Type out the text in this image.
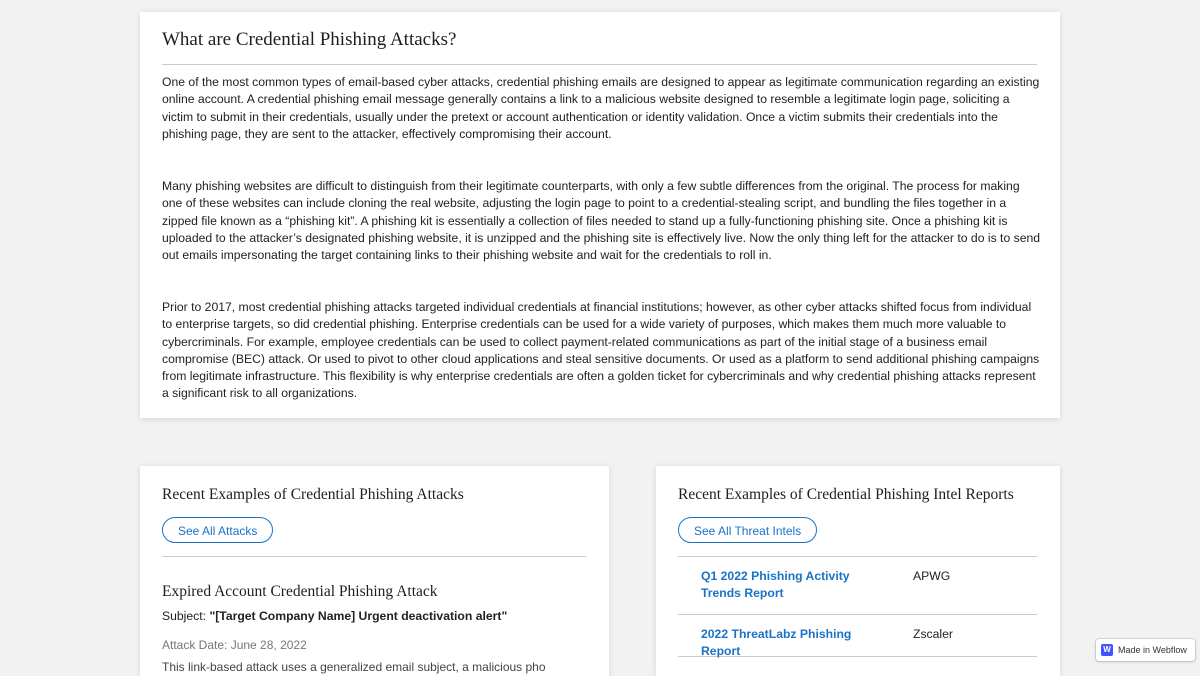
What are Credential Phishing Attacks?

One of the most common types of email-based cyber attacks, credential phishing emails are designed to appear as legitimate communication regarding an existing online account. A credential phishing email message generally contains a link to a malicious website designed to resemble a legitimate login page, soliciting a victim to submit in their credentials, usually under the pretext or account authentication or identity validation. Once a victim submits their credentials into the phishing page, they are sent to the attacker, effectively compromising their account.

Many phishing websites are difficult to distinguish from their legitimate counterparts, with only a few subtle differences from the original. The process for making one of these websites can include cloning the real website, adjusting the login page to point to a credential-stealing script, and bundling the files together in a zipped file known as a “phishing kit”. A phishing kit is essentially a collection of files needed to stand up a fully-functioning phishing site. Once a phishing kit is uploaded to the attacker’s designated phishing website, it is unzipped and the phishing site is effectively live. Now the only thing left for the attacker to do is to send out emails impersonating the target containing links to their phishing website and wait for the credentials to roll in.

Prior to 2017, most credential phishing attacks targeted individual credentials at financial institutions; however, as other cyber attacks shifted focus from individual to enterprise targets, so did credential phishing. Enterprise credentials can be used for a wide variety of purposes, which makes them much more valuable to cybercriminals. For example, employee credentials can be used to collect payment-related communications as part of the initial stage of a business email compromise (BEC) attack. Or used to pivot to other cloud applications and steal sensitive documents. Or used as a platform to send additional phishing campaigns from legitimate infrastructure. This flexibility is why enterprise credentials are often a golden ticket for cybercriminals and why credential phishing attacks represent a significant risk to all organizations.

Recent Examples of Credential Phishing Attacks
See All Attacks
Expired Account Credential Phishing Attack
Subject: "[Target Company Name] Urgent deactivation alert"
Attack Date: June 28, 2022
This link-based attack uses a generalized email subject, a malicious pho
Recent Examples of Credential Phishing Intel Reports
See All Threat Intels
Q1 2022 Phishing Activity Trends Report
APWG
2022 ThreatLabz Phishing Report
Zscaler
W Made in Webflow
